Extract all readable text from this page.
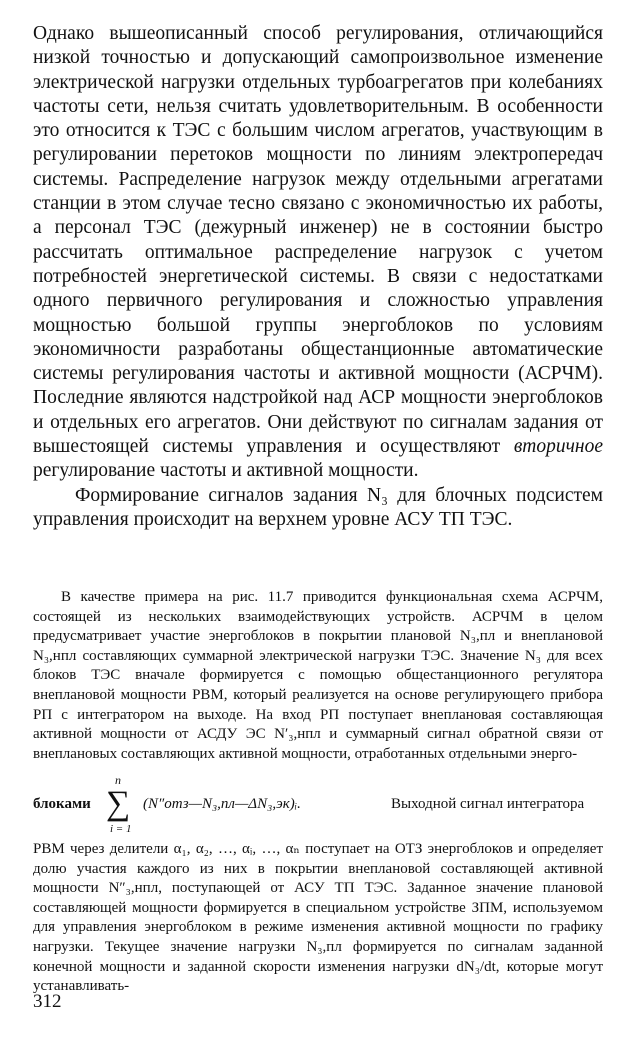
Однако вышеописанный способ регулирования, отличающийся низкой точностью и допускающий самопроизвольное изменение электрической нагрузки отдельных турбоагрегатов при колебаниях частоты сети, нельзя считать удовлетворительным. В особенности это относится к ТЭС с большим числом агрегатов, участвующим в регулировании перетоков мощности по линиям электропередач системы. Распределение нагрузок между отдельными агрегатами станции в этом случае тесно связано с экономичностью их работы, а персонал ТЭС (дежурный инженер) не в состоянии быстро рассчитать оптимальное распределение нагрузок с учетом потребностей энергетической системы. В связи с недостатками одного первичного регулирования и сложностью управления мощностью большой группы энергоблоков по условиям экономичности разработаны общестанционные автоматические системы регулирования частоты и активной мощности (АСРЧМ). Последние являются надстройкой над АСР мощности энергоблоков и отдельных его агрегатов. Они действуют по сигналам задания от вышестоящей системы управления и осуществляют вторичное регулирование частоты и активной мощности.

Формирование сигналов задания N₃ для блочных подсистем управления происходит на верхнем уровне АСУ ТП ТЭС.

В качестве примера на рис. 11.7 приводится функциональная схема АСРЧМ, состоящей из нескольких взаимодействующих устройств. АСРЧМ в целом предусматривает участие энергоблоков в покрытии плановой N₃,пл и внеплановой N₃,нпл составляющих суммарной электрической нагрузки ТЭС. Значение N₃ для всех блоков ТЭС вначале формируется с помощью общестанционного регулятора внеплановой мощности РВМ, который реализуется на основе регулирующего прибора РП с интегратором на выходе. На вход РП поступает внеплановая составляющая активной мощности от АСДУ ЭС N′₃,нпл и суммарный сигнал обратной связи от внеплановых составляющих активной мощности, отработанных отдельными энерго-

блоками
n
∑
i = 1
(N″отз—N₃,пл—ΔN₃,эк)ᵢ.	Выходной сигнал интегратора

РВМ через делители α₁, α₂, …, αᵢ, …, αₙ поступает на ОТЗ энергоблоков и определяет долю участия каждого из них в покрытии внеплановой составляющей активной мощности N″₃,нпл, поступающей от АСУ ТП ТЭС. Заданное значение плановой составляющей мощности формируется в специальном устройстве ЗПМ, используемом для управления энергоблоком в режиме изменения активной мощности по графику нагрузки. Текущее значение нагрузки N₃,пл формируется по сигналам заданной конечной мощности и заданной скорости изменения нагрузки dN₃/dt, которые могут устанавливать-

312
